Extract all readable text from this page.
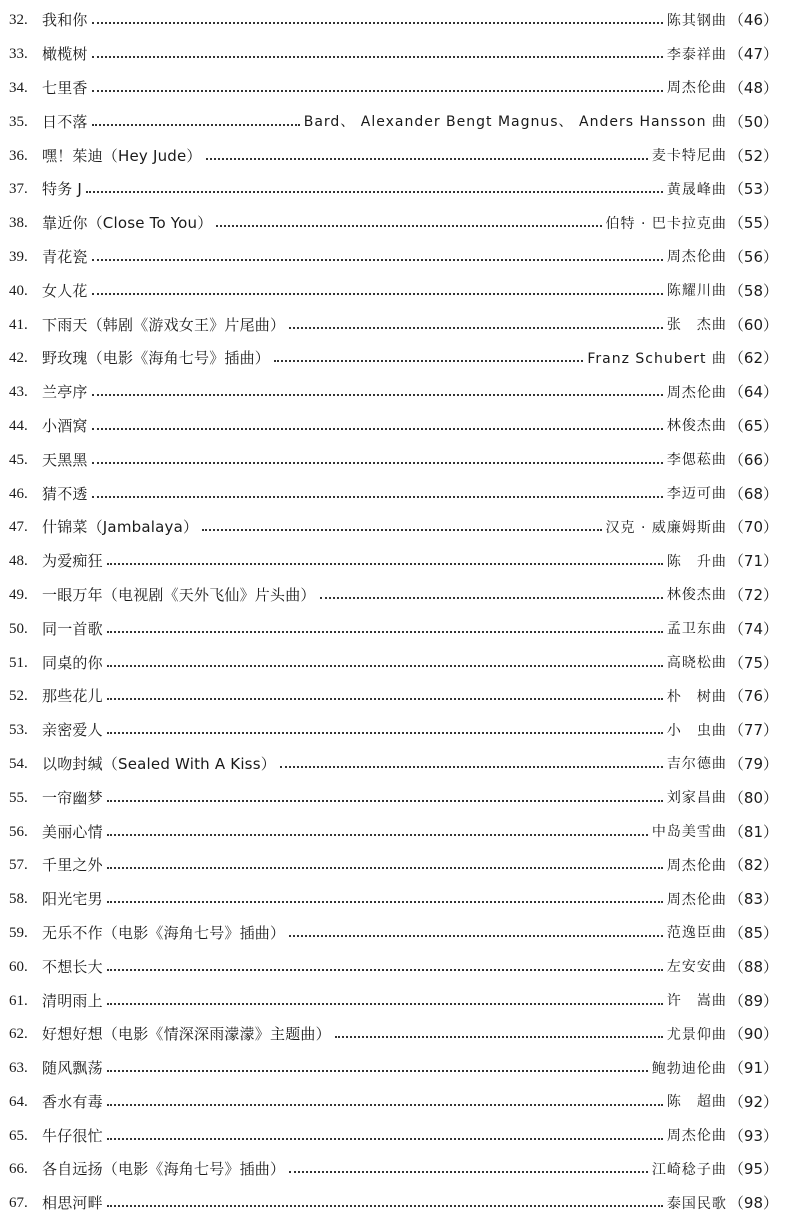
32. 我和你	陈其钢曲 （46）
33. 橄榄树	李泰祥曲 （47）
34. 七里香	周杰伦曲 （48）
35. 日不落	Bard、 Alexander Bengt Magnus、 Anders Hansson 曲 （50）
36. 嘿！茱迪（Hey Jude）	麦卡特尼曲 （52）
37. 特务 J	黄晟峰曲 （53）
38. 靠近你（Close To You）	伯特 · 巴卡拉克曲 （55）
39. 青花瓷	周杰伦曲 （56）
40. 女人花	陈耀川曲 （58）
41. 下雨天（韩剧《游戏女王》片尾曲）	张　杰曲 （60）
42. 野玫瑰（电影《海角七号》插曲）	Franz Schubert 曲 （62）
43. 兰亭序	周杰伦曲 （64）
44. 小酒窝	林俊杰曲 （65）
45. 天黑黑	李偲菘曲 （66）
46. 猜不透	李迈可曲 （68）
47. 什锦菜（Jambalaya）	汉克 · 威廉姆斯曲 （70）
48. 为爱痴狂	陈　升曲 （71）
49. 一眼万年（电视剧《天外飞仙》片头曲）	林俊杰曲 （72）
50. 同一首歌	孟卫东曲 （74）
51. 同桌的你	高晓松曲 （75）
52. 那些花儿	朴　树曲 （76）
53. 亲密爱人	小　虫曲 （77）
54. 以吻封缄（Sealed With A Kiss）	吉尔德曲 （79）
55. 一帘幽梦	刘家昌曲 （80）
56. 美丽心情	中岛美雪曲 （81）
57. 千里之外	周杰伦曲 （82）
58. 阳光宅男	周杰伦曲 （83）
59. 无乐不作（电影《海角七号》插曲）	范逸臣曲 （85）
60. 不想长大	左安安曲 （88）
61. 清明雨上	许　嵩曲 （89）
62. 好想好想（电影《情深深雨濛濛》主题曲）	尤景仰曲 （90）
63. 随风飘荡	鲍勃迪伦曲 （91）
64. 香水有毒	陈　超曲 （92）
65. 牛仔很忙	周杰伦曲 （93）
66. 各自远扬（电影《海角七号》插曲）	江崎稔子曲 （95）
67. 相思河畔	泰国民歌 （98）
